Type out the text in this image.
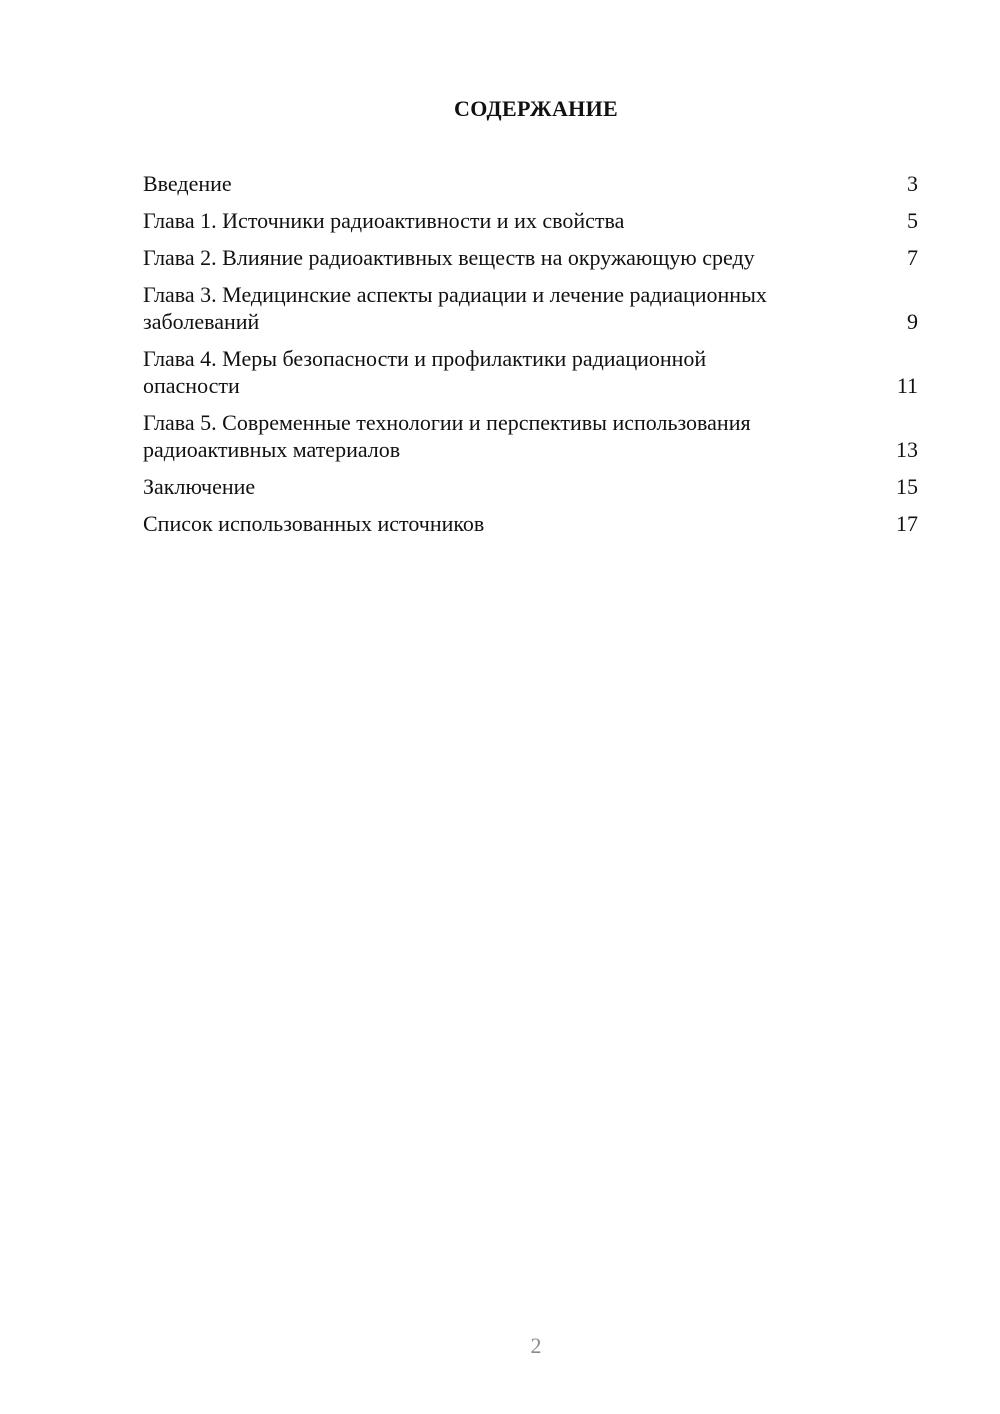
СОДЕРЖАНИЕ
Введение	3
Глава 1. Источники радиоактивности и их свойства	5
Глава 2. Влияние радиоактивных веществ на окружающую среду	7
Глава 3. Медицинские аспекты радиации и лечение радиационных заболеваний	9
Глава 4. Меры безопасности и профилактики радиационной опасности	11
Глава 5. Современные технологии и перспективы использования радиоактивных материалов	13
Заключение	15
Список использованных источников	17
2
